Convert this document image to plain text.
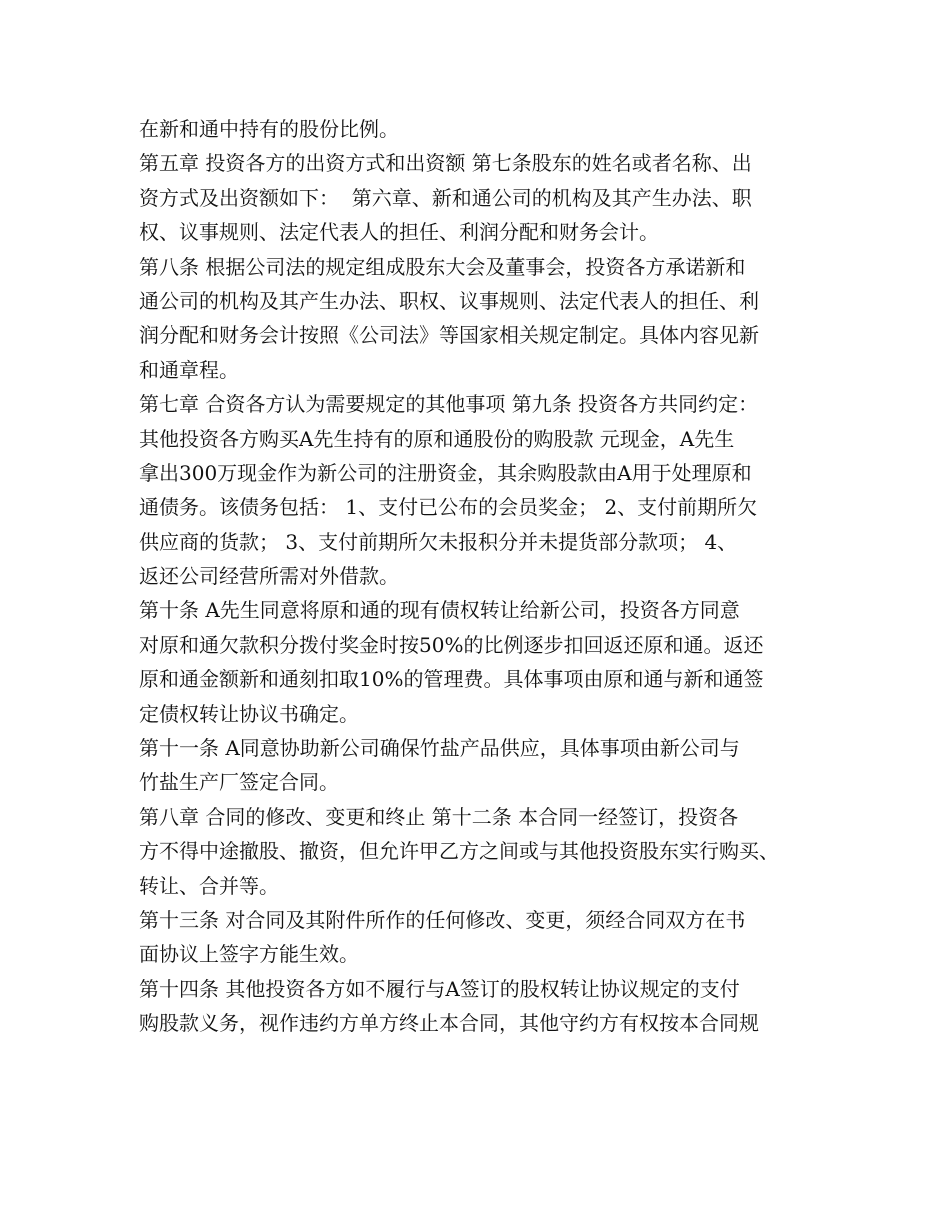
在新和通中持有的股份比例。
第五章 投资各方的出资方式和出资额 第七条股东的姓名或者名称、出
资方式及出资额如下：  第六章、新和通公司的机构及其产生办法、职
权、议事规则、法定代表人的担任、利润分配和财务会计。
第八条 根据公司法的规定组成股东大会及董事会，投资各方承诺新和
通公司的机构及其产生办法、职权、议事规则、法定代表人的担任、利
润分配和财务会计按照《公司法》等国家相关规定制定。具体内容见新
和通章程。
第七章 合资各方认为需要规定的其他事项 第九条 投资各方共同约定：
其他投资各方购买A先生持有的原和通股份的购股款 元现金，A先生
拿出300万现金作为新公司的注册资金，其余购股款由A用于处理原和
通债务。该债务包括： 1、支付已公布的会员奖金； 2、支付前期所欠
供应商的货款； 3、支付前期所欠未报积分并未提货部分款项； 4、
返还公司经营所需对外借款。
第十条 A先生同意将原和通的现有债权转让给新公司，投资各方同意
对原和通欠款积分拨付奖金时按50%的比例逐步扣回返还原和通。返还
原和通金额新和通刻扣取10%的管理费。具体事项由原和通与新和通签
定债权转让协议书确定。
第十一条 A同意协助新公司确保竹盐产品供应，具体事项由新公司与
竹盐生产厂签定合同。
第八章 合同的修改、变更和终止 第十二条 本合同一经签订，投资各
方不得中途撤股、撤资，但允许甲乙方之间或与其他投资股东实行购买、
转让、合并等。
第十三条 对合同及其附件所作的任何修改、变更，须经合同双方在书
面协议上签字方能生效。
第十四条 其他投资各方如不履行与A签订的股权转让协议规定的支付
购股款义务，视作违约方单方终止本合同，其他守约方有权按本合同规
